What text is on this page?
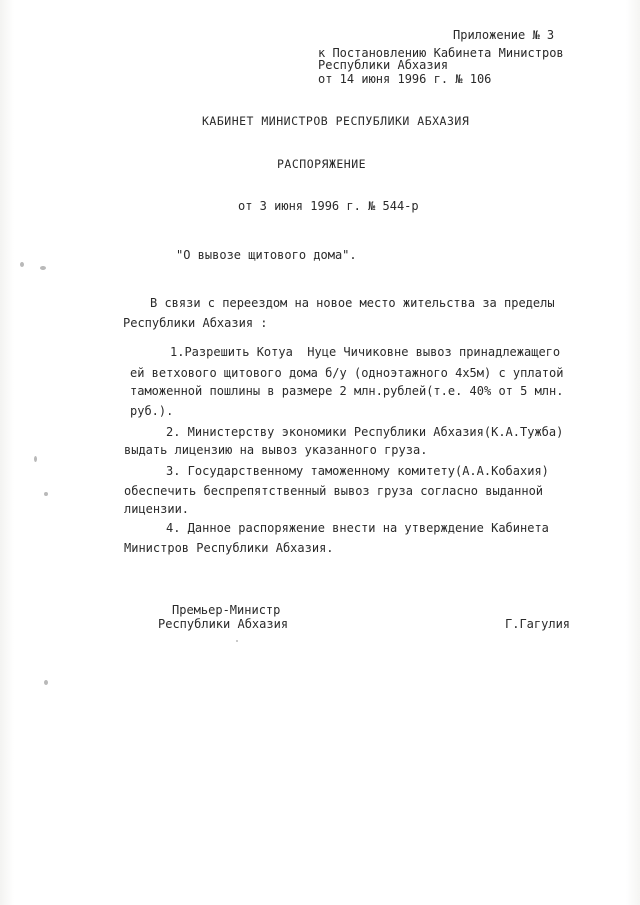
Приложение № 3
к Постановлению Кабинета Министров
Республики Абхазия
от 14 июня 1996 г. № 106
КАБИНЕТ МИНИСТРОВ РЕСПУБЛИКИ АБХАЗИЯ
РАСПОРЯЖЕНИЕ
от 3 июня 1996 г. № 544-р
"О вывозе щитового дома".
В связи с переездом на новое место жительства за пределы
Республики Абхазия :
1.Разрешить Котуа  Нуце Чичиковне вывоз принадлежащего
ей ветхового щитового дома б/у (одноэтажного 4х5м) с уплатой
таможенной пошлины в размере 2 млн.рублей(т.е. 40% от 5 млн.
руб.).
2. Министерству экономики Республики Абхазия(К.А.Тужба)
выдать лицензию на вывоз указанного груза.
3. Государственному таможенному комитету(А.А.Кобахия)
обеспечить беспрепятственный вывоз груза согласно выданной
лицензии.
4. Данное распоряжение внести на утверждение Кабинета
Министров Республики Абхазия.
Премьер-Министр
Республики Абхазия	Г.Гагулия
